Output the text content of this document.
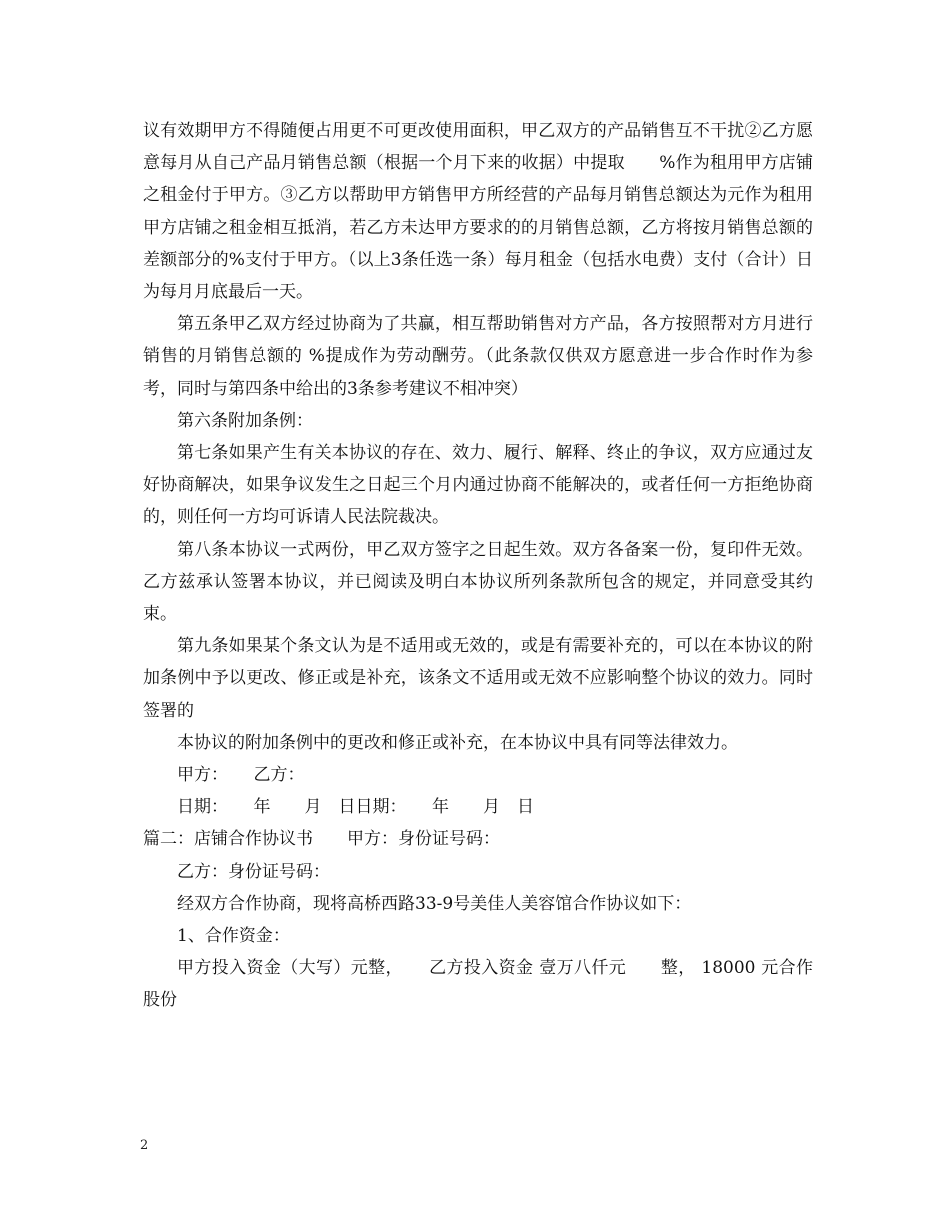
议有效期甲方不得随便占用更不可更改使用面积，甲乙双方的产品销售互不干扰②乙方愿意每月从自己产品月销售总额（根据一个月下来的收据）中提取　　%作为租用甲方店铺之租金付于甲方。③乙方以帮助甲方销售甲方所经营的产品每月销售总额达为元作为租用甲方店铺之租金相互抵消，若乙方未达甲方要求的的月销售总额，乙方将按月销售总额的差额部分的%支付于甲方。（以上3条任选一条）每月租金（包括水电费）支付（合计）日为每月月底最后一天。

第五条甲乙双方经过协商为了共赢，相互帮助销售对方产品，各方按照帮对方月进行销售的月销售总额的 %提成作为劳动酬劳。（此条款仅供双方愿意进一步合作时作为参考，同时与第四条中给出的3条参考建议不相冲突）

第六条附加条例：

第七条如果产生有关本协议的存在、效力、履行、解释、终止的争议，双方应通过友好协商解决，如果争议发生之日起三个月内通过协商不能解决的，或者任何一方拒绝协商的，则任何一方均可诉请人民法院裁决。

第八条本协议一式两份，甲乙双方签字之日起生效。双方各备案一份，复印件无效。乙方兹承认签署本协议，并已阅读及明白本协议所列条款所包含的规定，并同意受其约束。

第九条如果某个条文认为是不适用或无效的，或是有需要补充的，可以在本协议的附加条例中予以更改、修正或是补充，该条文不适用或无效不应影响整个协议的效力。同时签署的

本协议的附加条例中的更改和修正或补充，在本协议中具有同等法律效力。

甲方：　　乙方：

日期：　　年　　月　日日期：　　年　　月　日

篇二：店铺合作协议书　　甲方：身份证号码：

乙方：身份证号码：

经双方合作协商，现将高桥西路33-9号美佳人美容馆合作协议如下：

1、合作资金：

甲方投入资金（大写）元整，　　乙方投入资金 壹万八仟元　　整， 18000 元合作股份

2
